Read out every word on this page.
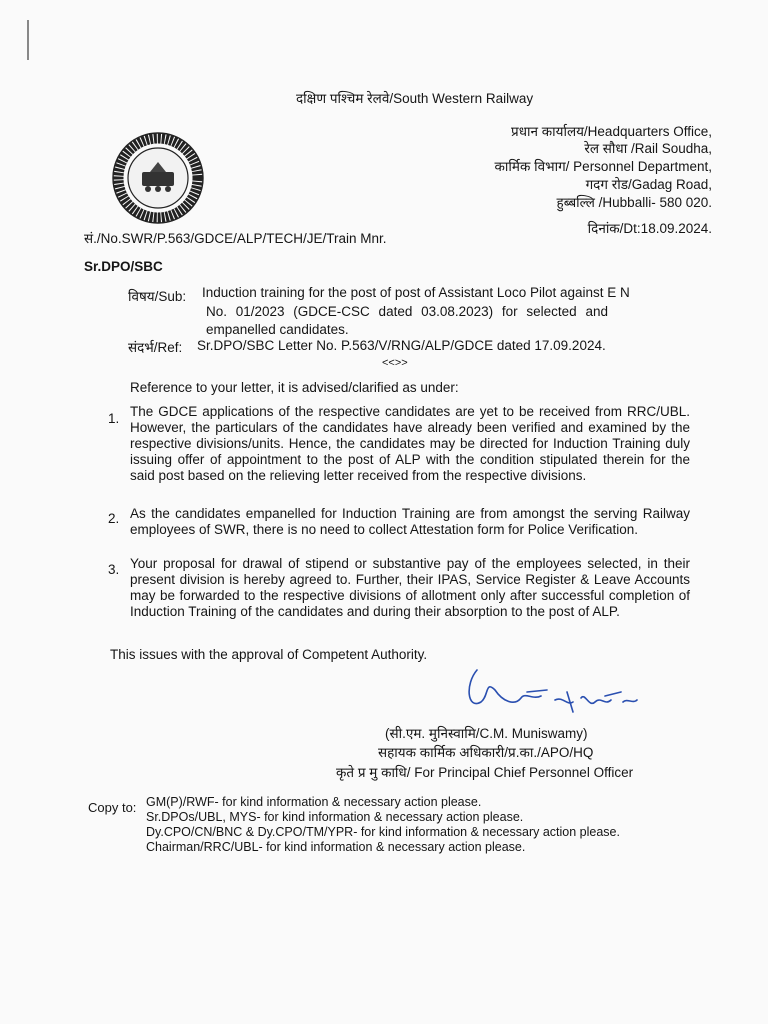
दक्षिण पश्चिम रेलवे/South Western Railway
प्रधान कार्यालय/Headquarters Office,
रेल सौधा /Rail Soudha,
कार्मिक विभाग/ Personnel Department,
गदग रोड/Gadag Road,
हुब्बल्लि /Hubballi- 580 020.
सं./No.SWR/P.563/GDCE/ALP/TECH/JE/Train Mnr.
दिनांक/Dt:18.09.2024.
Sr.DPO/SBC
विषय/Sub: Induction training for the post of post of Assistant Loco Pilot against E N
No. 01/2023 (GDCE-CSC dated 03.08.2023) for selected and
empanelled candidates.
संदर्भ/Ref: Sr.DPO/SBC Letter No. P.563/V/RNG/ALP/GDCE dated 17.09.2024.
<<>>
Reference to your letter, it is advised/clarified as under:
1. The GDCE applications of the respective candidates are yet to be received from RRC/UBL. However, the particulars of the candidates have already been verified and examined by the respective divisions/units. Hence, the candidates may be directed for Induction Training duly issuing offer of appointment to the post of ALP with the condition stipulated therein for the said post based on the relieving letter received from the respective divisions.
2. As the candidates empanelled for Induction Training are from amongst the serving Railway employees of SWR, there is no need to collect Attestation form for Police Verification.
3. Your proposal for drawal of stipend or substantive pay of the employees selected, in their present division is hereby agreed to. Further, their IPAS, Service Register & Leave Accounts may be forwarded to the respective divisions of allotment only after successful completion of Induction Training of the candidates and during their absorption to the post of ALP.
This issues with the approval of Competent Authority.
(सी.एम. मुनिस्वामि/C.M. Muniswamy)
सहायक कार्मिक अधिकारी/प्र.का./APO/HQ
कृते प्र मु काधि/ For Principal Chief Personnel Officer
Copy to: GM(P)/RWF- for kind information & necessary action please.
Sr.DPOs/UBL, MYS- for kind information & necessary action please.
Dy.CPO/CN/BNC & Dy.CPO/TM/YPR- for kind information & necessary action please.
Chairman/RRC/UBL- for kind information & necessary action please.
